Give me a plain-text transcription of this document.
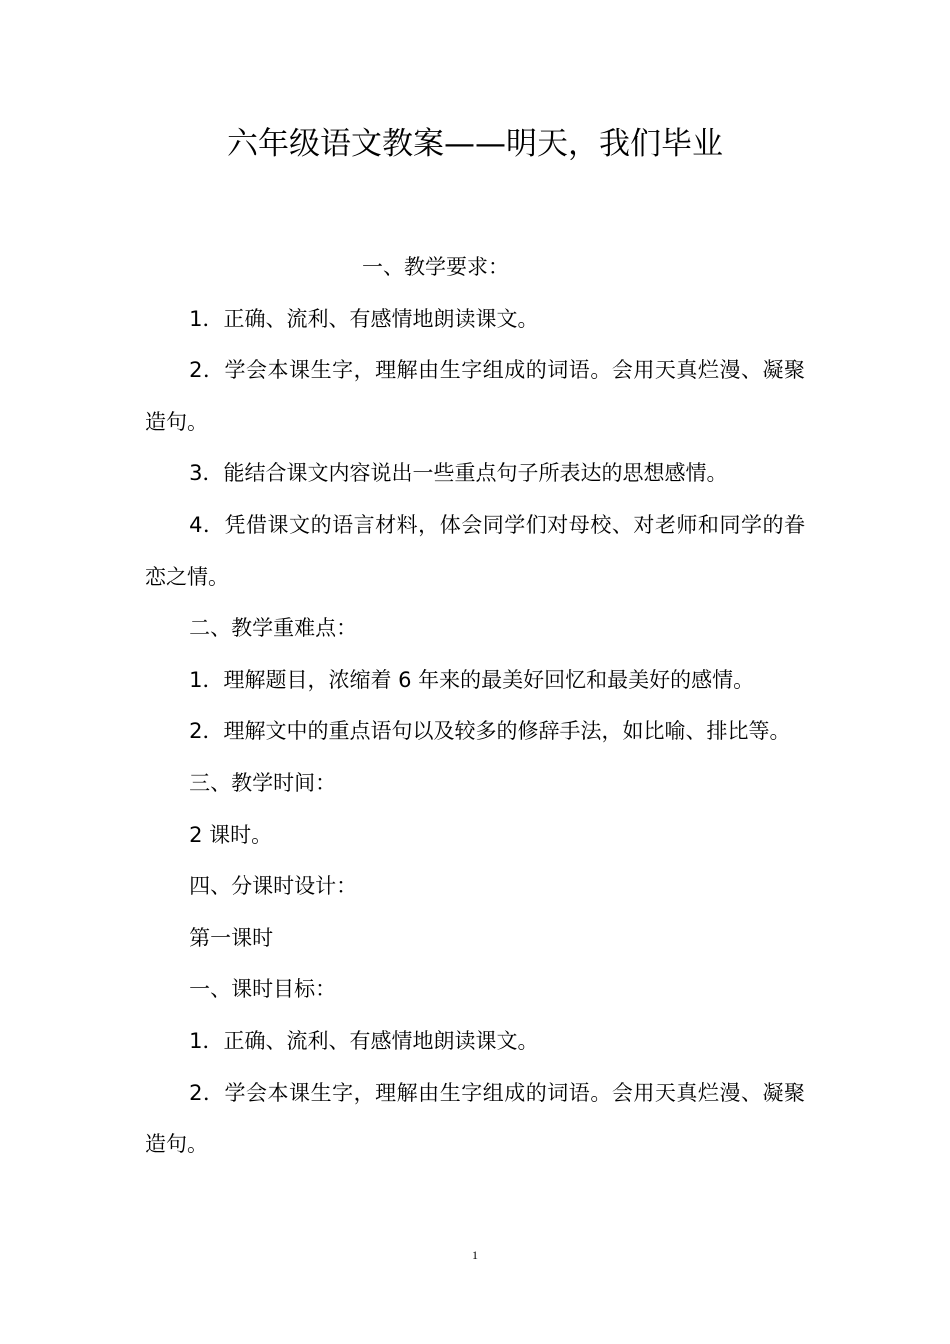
六年级语文教案——明天，我们毕业

一、教学要求：

1．正确、流利、有感情地朗读课文。

2．学会本课生字，理解由生字组成的词语。会用天真烂漫、凝聚造句。

3．能结合课文内容说出一些重点句子所表达的思想感情。

4．凭借课文的语言材料，体会同学们对母校、对老师和同学的眷恋之情。

二、教学重难点：

1．理解题目，浓缩着 6 年来的最美好回忆和最美好的感情。

2．理解文中的重点语句以及较多的修辞手法，如比喻、排比等。

三、教学时间：

2 课时。

四、分课时设计：

第一课时

一、课时目标：

1．正确、流利、有感情地朗读课文。

2．学会本课生字，理解由生字组成的词语。会用天真烂漫、凝聚造句。

1
